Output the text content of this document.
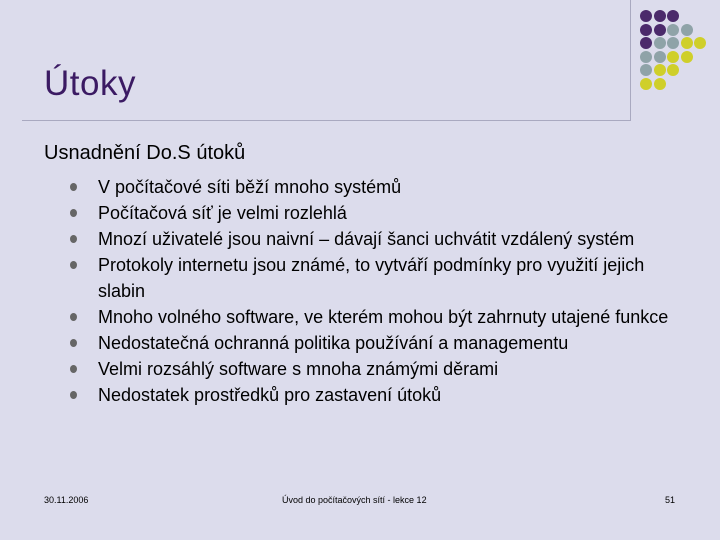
Útoky
Usnadnění Do.S útoků
V počítačové síti běží mnoho systémů
Počítačová síť je velmi rozlehlá
Mnozí uživatelé jsou naivní – dávají šanci uchvátit vzdálený systém
Protokoly internetu jsou známé, to vytváří podmínky pro využití jejich slabin
Mnoho volného software, ve kterém mohou být zahrnuty utajené funkce
Nedostatečná ochranná politika používání a managementu
Velmi rozsáhlý software s mnoha známými děrami
Nedostatek prostředků pro zastavení útoků
30.11.2006	Úvod do počítačových sítí - lekce 12	51
